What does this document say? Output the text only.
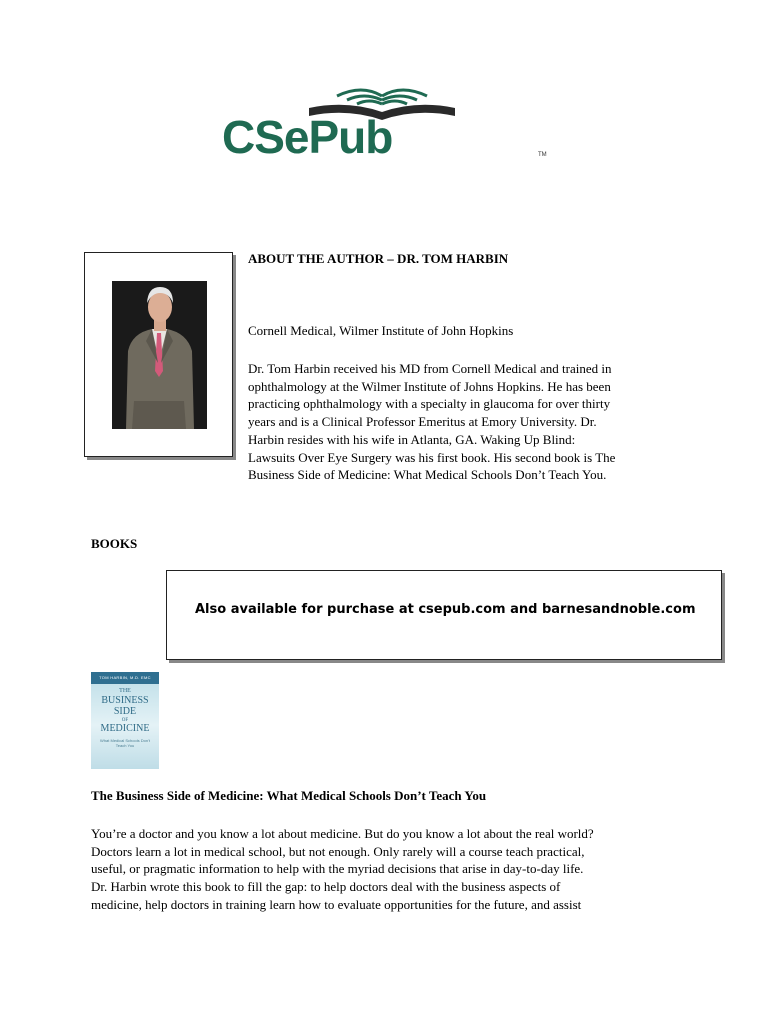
CSePub	TM
ABOUT THE AUTHOR – DR. TOM HARBIN
Cornell Medical, Wilmer Institute of John Hopkins
Dr. Tom Harbin received his MD from Cornell Medical and trained in
ophthalmology at the Wilmer Institute of Johns Hopkins. He has been
practicing ophthalmology with a specialty in glaucoma for over thirty
years and is a Clinical Professor Emeritus at Emory University. Dr.
Harbin resides with his wife in Atlanta, GA. Waking Up Blind:
Lawsuits Over Eye Surgery was his first book. His second book is The
Business Side of Medicine: What Medical Schools Don’t Teach You.
BOOKS
Also available for purchase at csepub.com and barnesandnoble.com
TOM HARBIN, M.D. EMC
THE
BUSINESS
SIDE
OF
MEDICINE
What Medical Schools Don't Teach You
The Business Side of Medicine: What Medical Schools Don’t Teach You
You’re a doctor and you know a lot about medicine. But do you know a lot about the real world?
Doctors learn a lot in medical school, but not enough. Only rarely will a course teach practical,
useful, or pragmatic information to help with the myriad decisions that arise in day-to-day life.
Dr. Harbin wrote this book to fill the gap: to help doctors deal with the business aspects of
medicine, help doctors in training learn how to evaluate opportunities for the future, and assist
